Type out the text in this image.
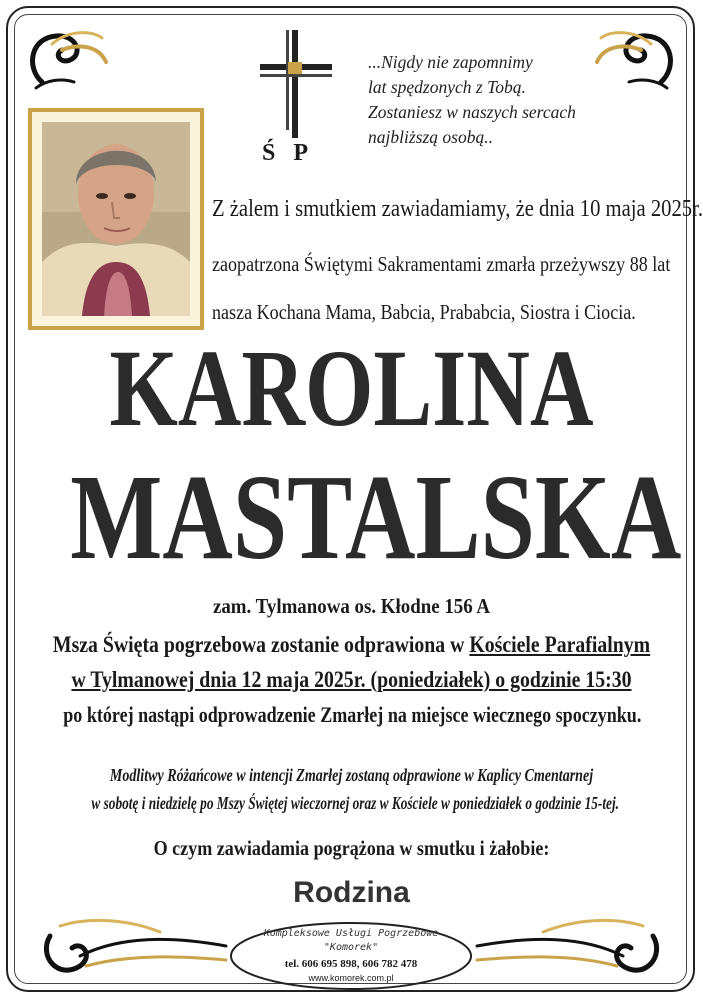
Ś P
...Nigdy nie zapomnimy
lat spędzonych z Tobą.
Zostaniesz w naszych sercach
najbliższą osobą..
Z żalem i smutkiem zawiadamiamy, że dnia 10 maja 2025r.
zaopatrzona Świętymi Sakramentami zmarła przeżywszy 88 lat
nasza Kochana Mama, Babcia, Prababcia, Siostra i Ciocia.
KAROLINA
MASTALSKA
zam. Tylmanowa os. Kłodne 156 A
Msza Święta pogrzebowa zostanie odprawiona w Kościele Parafialnym
w Tylmanowej dnia 12 maja 2025r. (poniedziałek) o godzinie 15:30
po której nastąpi odprowadzenie Zmarłej na miejsce wiecznego spoczynku.
Modlitwy Różańcowe w intencji Zmarłej zostaną odprawione w Kaplicy Cmentarnej
w sobotę i niedzielę po Mszy Świętej wieczornej oraz w Kościele w poniedziałek o godzinie 15-tej.
O czym zawiadamia pogrążona w smutku i żałobie:
Rodzina
Kompleksowe Usługi Pogrzebowe
"Komorek"
tel. 606 695 898, 606 782 478
www.komorek.com.pl
